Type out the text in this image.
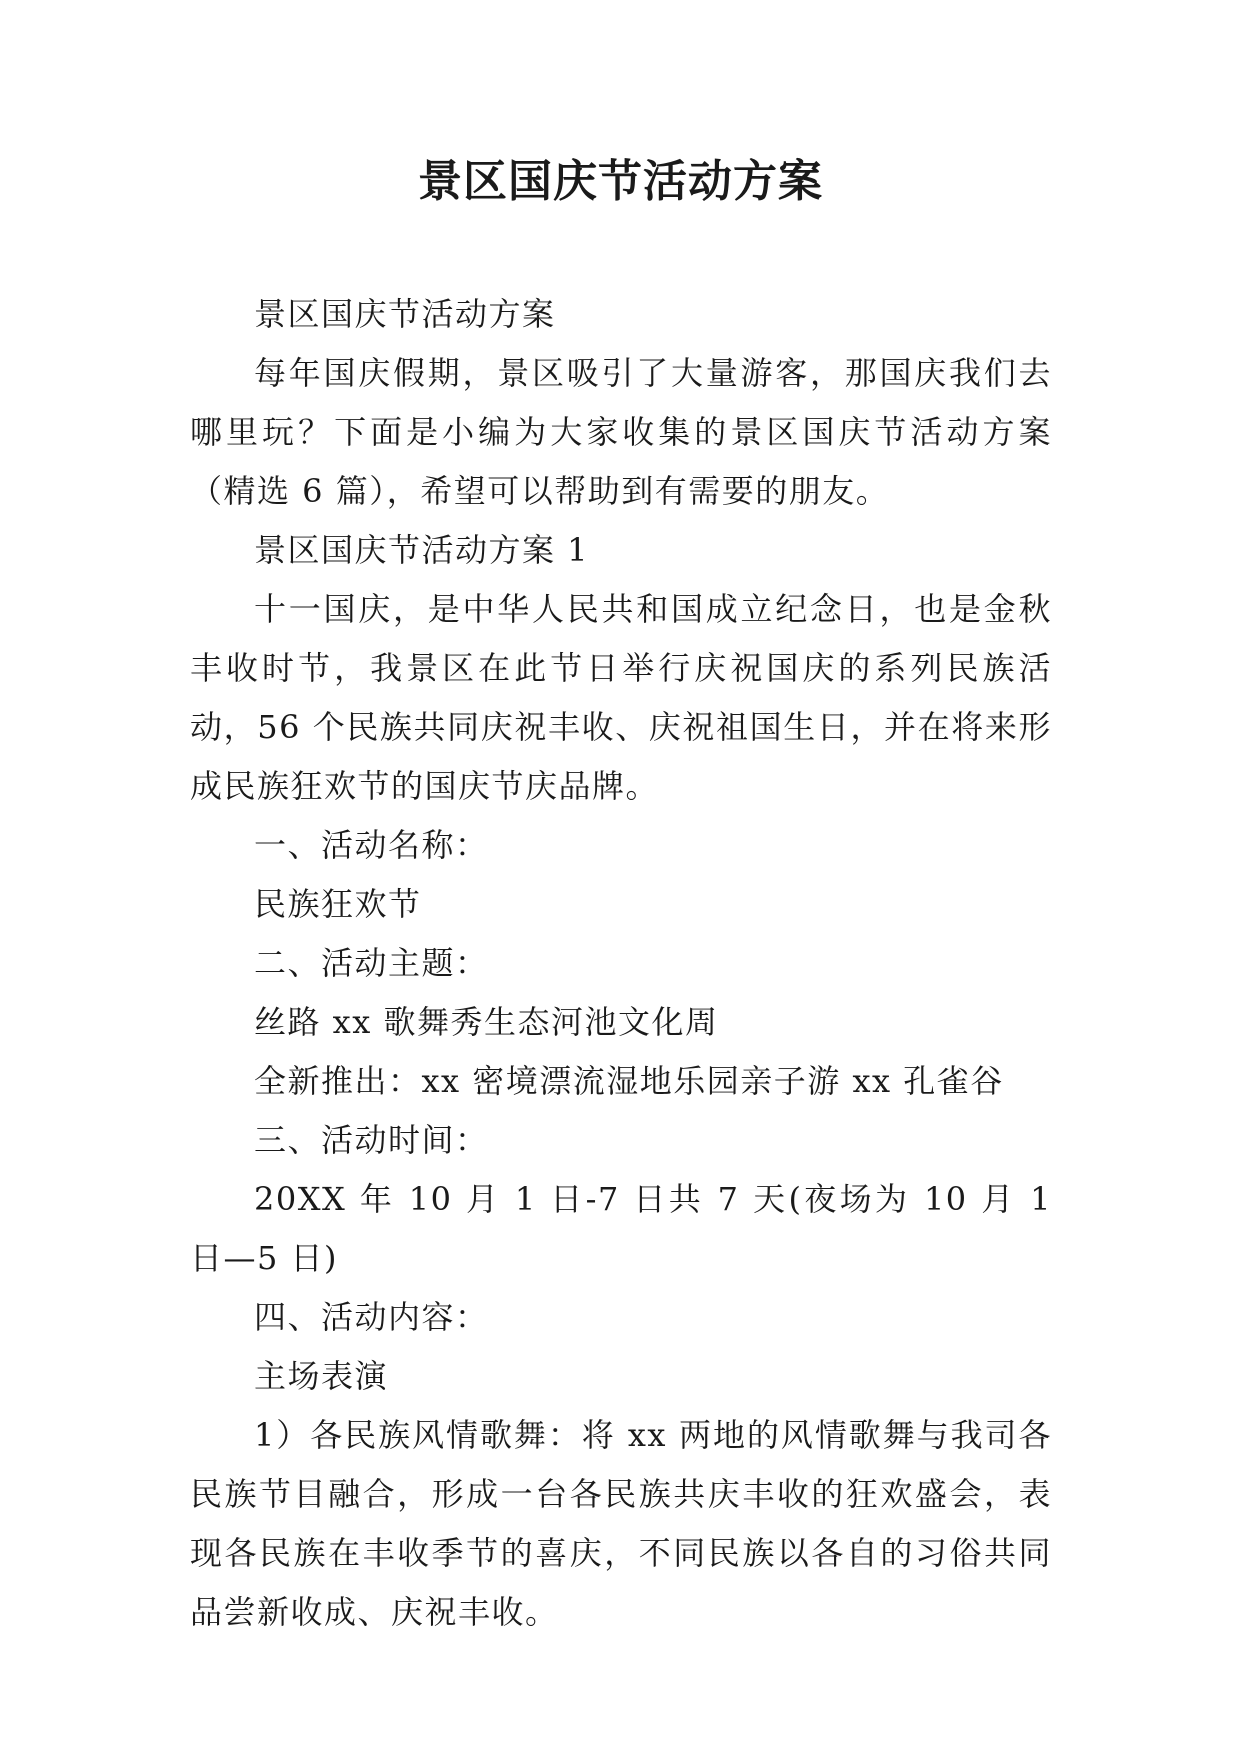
景区国庆节活动方案

景区国庆节活动方案

每年国庆假期，景区吸引了大量游客，那国庆我们去哪里玩？下面是小编为大家收集的景区国庆节活动方案（精选 6 篇），希望可以帮助到有需要的朋友。

景区国庆节活动方案 1

十一国庆，是中华人民共和国成立纪念日，也是金秋丰收时节，我景区在此节日举行庆祝国庆的系列民族活动，56 个民族共同庆祝丰收、庆祝祖国生日，并在将来形成民族狂欢节的国庆节庆品牌。

一、活动名称：

民族狂欢节

二、活动主题：

丝路 xx 歌舞秀生态河池文化周

全新推出：xx 密境漂流湿地乐园亲子游 xx 孔雀谷

三、活动时间：

20XX 年 10 月 1 日-7 日共 7 天(夜场为 10 月 1 日—5 日)

四、活动内容：

主场表演

1）各民族风情歌舞：将 xx 两地的风情歌舞与我司各民族节目融合，形成一台各民族共庆丰收的狂欢盛会，表现各民族在丰收季节的喜庆，不同民族以各自的习俗共同品尝新收成、庆祝丰收。
